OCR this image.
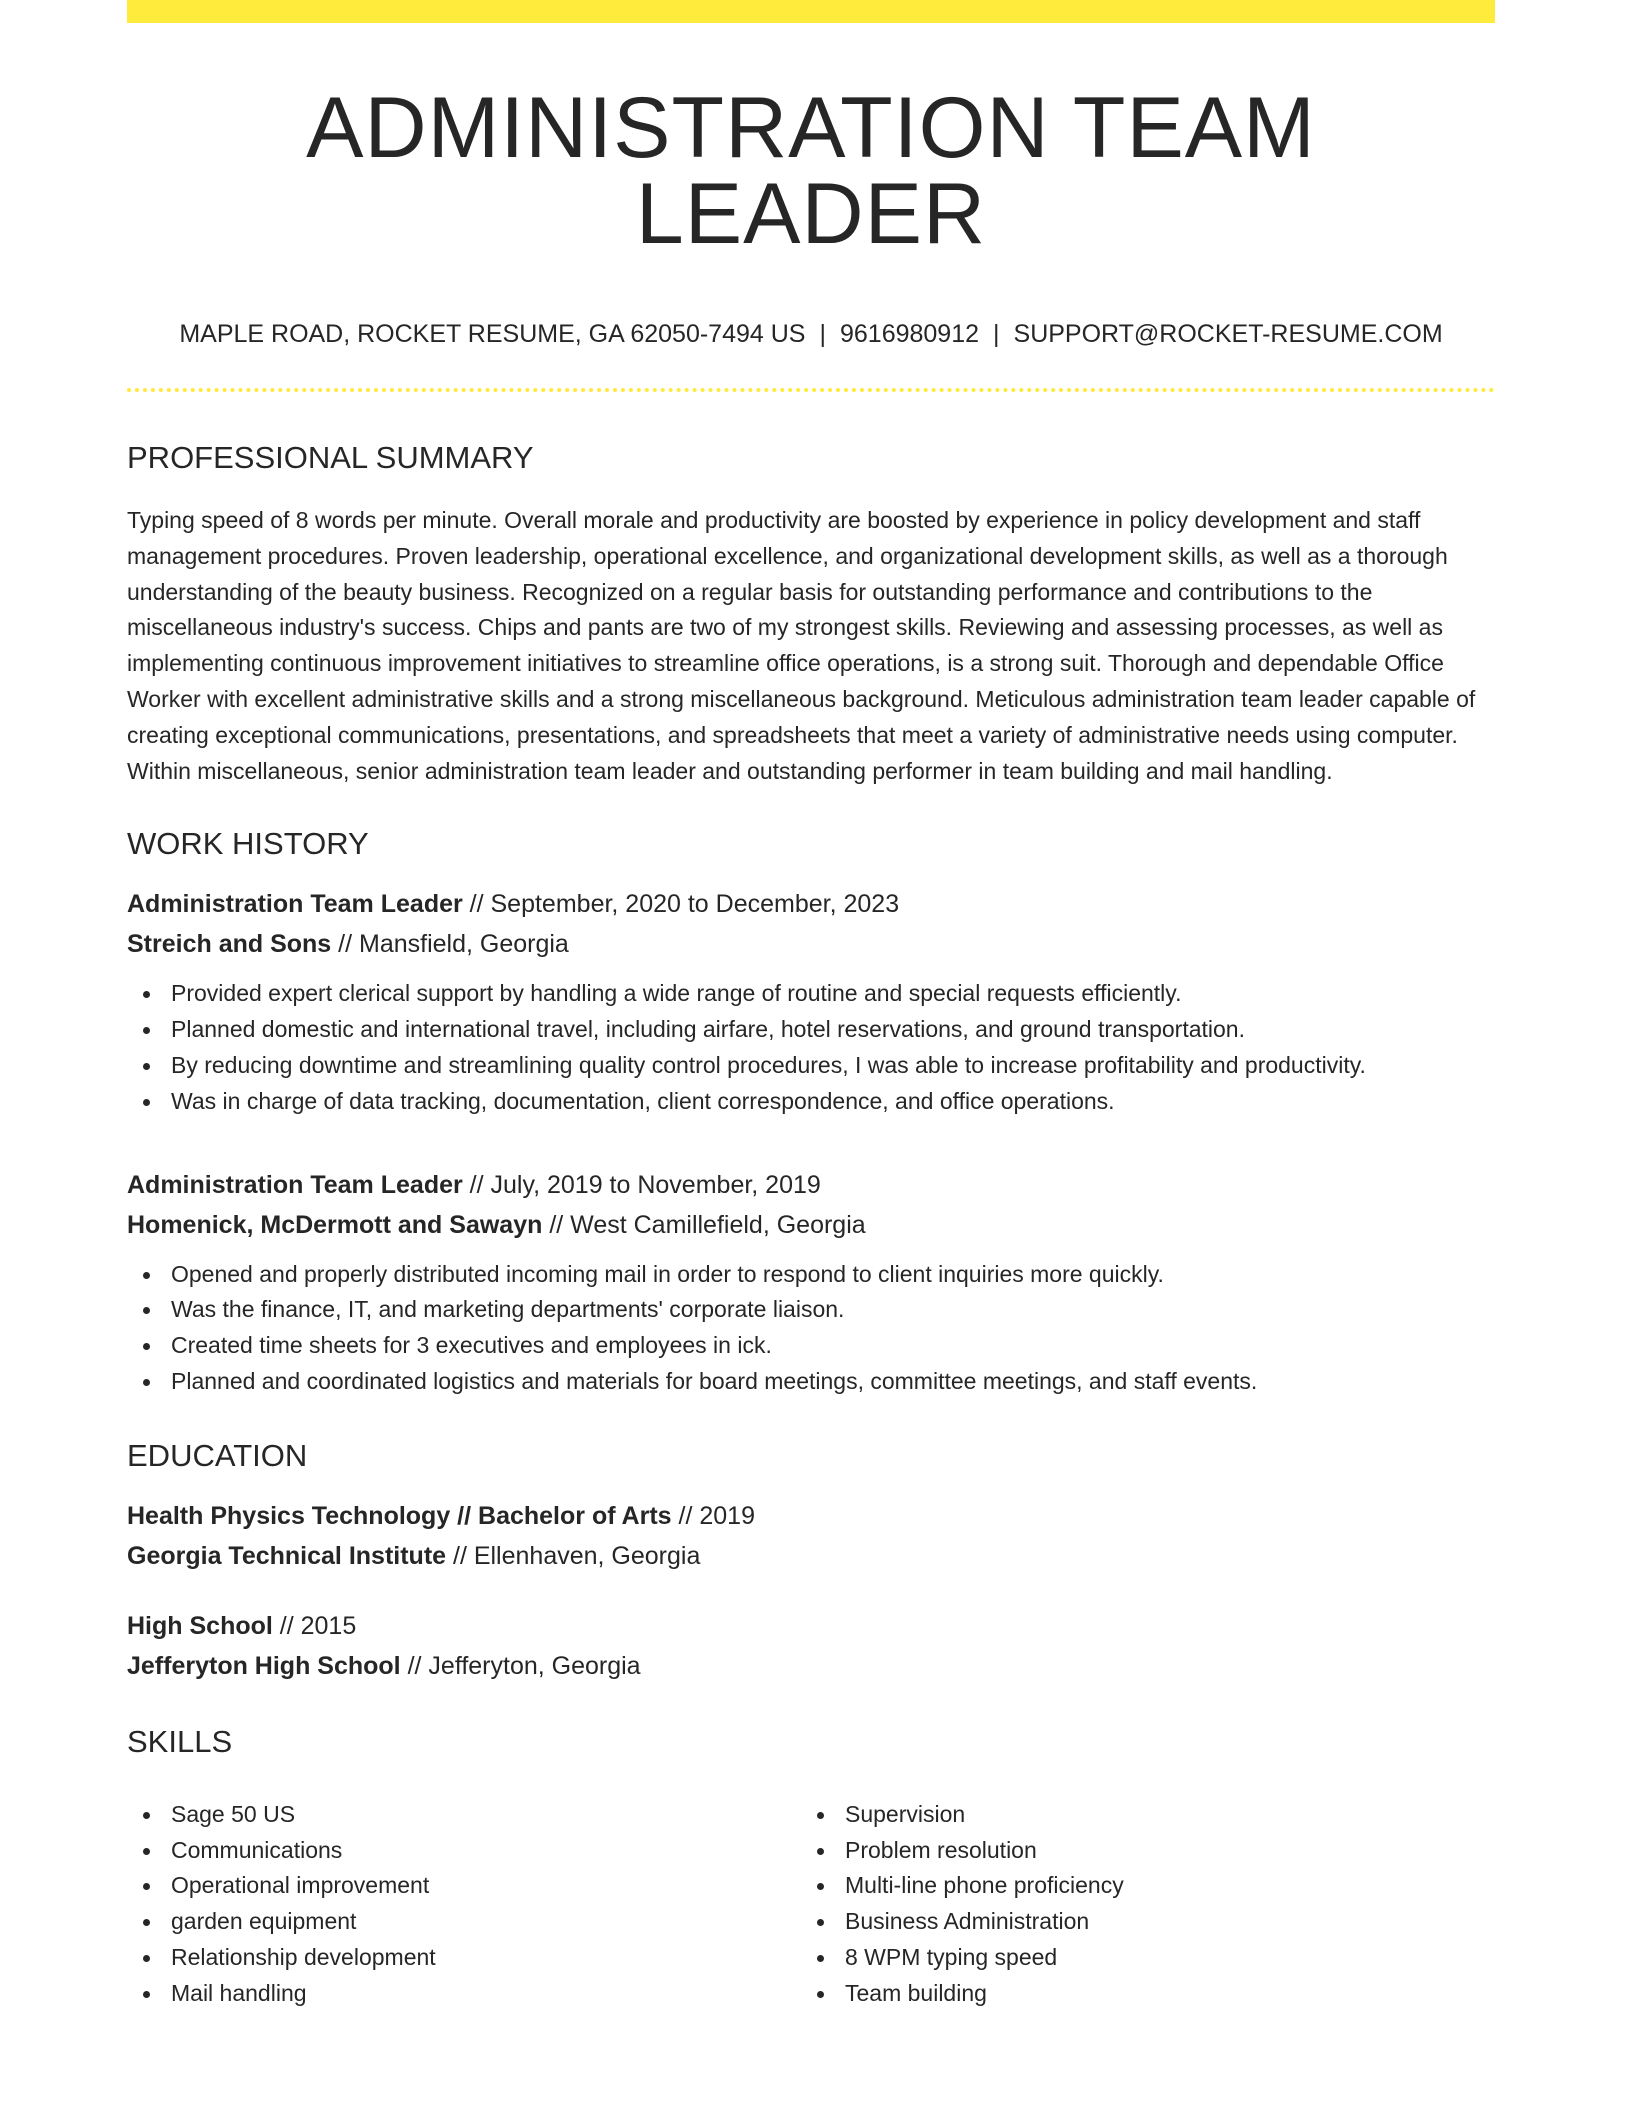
ADMINISTRATION TEAM LEADER
MAPLE ROAD, ROCKET RESUME, GA 62050-7494 US | 9616980912 | SUPPORT@ROCKET-RESUME.COM
PROFESSIONAL SUMMARY

Typing speed of 8 words per minute. Overall morale and productivity are boosted by experience in policy development and staff management procedures. Proven leadership, operational excellence, and organizational development skills, as well as a thorough understanding of the beauty business. Recognized on a regular basis for outstanding performance and contributions to the miscellaneous industry's success. Chips and pants are two of my strongest skills. Reviewing and assessing processes, as well as implementing continuous improvement initiatives to streamline office operations, is a strong suit. Thorough and dependable Office Worker with excellent administrative skills and a strong miscellaneous background. Meticulous administration team leader capable of creating exceptional communications, presentations, and spreadsheets that meet a variety of administrative needs using computer. Within miscellaneous, senior administration team leader and outstanding performer in team building and mail handling.

WORK HISTORY
Administration Team Leader // September, 2020 to December, 2023
Streich and Sons // Mansfield, Georgia
Provided expert clerical support by handling a wide range of routine and special requests efficiently.
Planned domestic and international travel, including airfare, hotel reservations, and ground transportation.
By reducing downtime and streamlining quality control procedures, I was able to increase profitability and productivity.
Was in charge of data tracking, documentation, client correspondence, and office operations.
Administration Team Leader // July, 2019 to November, 2019
Homenick, McDermott and Sawayn // West Camillefield, Georgia
Opened and properly distributed incoming mail in order to respond to client inquiries more quickly.
Was the finance, IT, and marketing departments' corporate liaison.
Created time sheets for 3 executives and employees in ick.
Planned and coordinated logistics and materials for board meetings, committee meetings, and staff events.
EDUCATION
Health Physics Technology // Bachelor of Arts // 2019
Georgia Technical Institute // Ellenhaven, Georgia
High School // 2015
Jefferyton High School // Jefferyton, Georgia
SKILLS
Sage 50 US
Communications
Operational improvement
garden equipment
Relationship development
Mail handling
Supervision
Problem resolution
Multi-line phone proficiency
Business Administration
8 WPM typing speed
Team building
